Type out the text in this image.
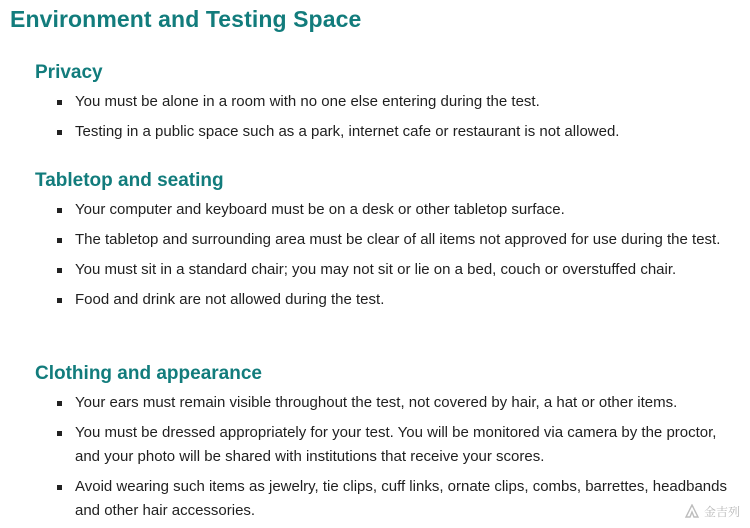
Environment and Testing Space
Privacy
You must be alone in a room with no one else entering during the test.
Testing in a public space such as a park, internet cafe or restaurant is not allowed.
Tabletop and seating
Your computer and keyboard must be on a desk or other tabletop surface.
The tabletop and surrounding area must be clear of all items not approved for use during the test.
You must sit in a standard chair; you may not sit or lie on a bed, couch or overstuffed chair.
Food and drink are not allowed during the test.
Clothing and appearance
Your ears must remain visible throughout the test, not covered by hair, a hat or other items.
You must be dressed appropriately for your test. You will be monitored via camera by the proctor, and your photo will be shared with institutions that receive your scores.
Avoid wearing such items as jewelry, tie clips, cuff links, ornate clips, combs, barrettes, headbands and other hair accessories.	金吉列
